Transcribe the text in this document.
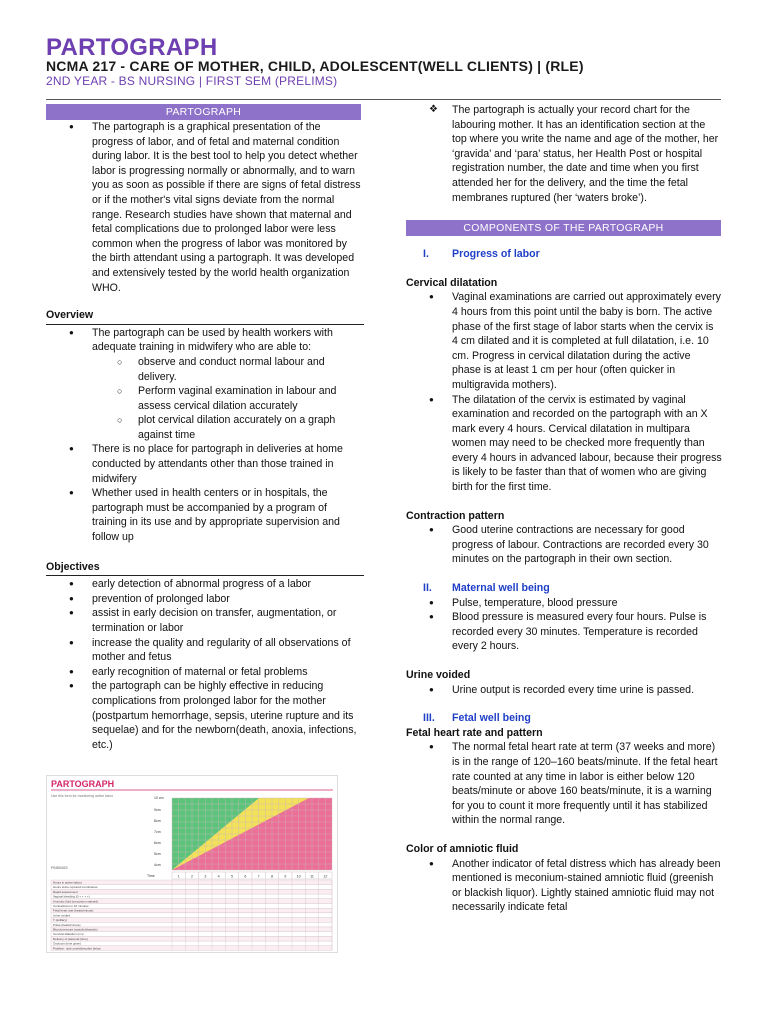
PARTOGRAPH
NCMA 217 - CARE OF MOTHER, CHILD, ADOLESCENT(WELL CLIENTS) | (RLE)
2ND YEAR - BS NURSING | FIRST SEM (PRELIMS)
PARTOGRAPH
● The partograph is a graphical presentation of the progress of labor, and of fetal and maternal condition during labor. It is the best tool to help you detect whether labor is progressing normally or abnormally, and to warn you as soon as possible if there are signs of fetal distress or if the mother's vital signs deviate from the normal range. Research studies have shown that maternal and fetal complications due to prolonged labor were less common when the progress of labor was monitored by the birth attendant using a partograph. It was developed and extensively tested by the world health organization WHO.
Overview
● The partograph can be used by health workers with adequate training in midwifery who are able to:
○ observe and conduct normal labour and delivery.
○ Perform vaginal examination in labour and assess cervical dilation accurately
○ plot cervical dilation accurately on a graph against time
● There is no place for partograph in deliveries at home conducted by attendants other than those trained in midwifery
● Whether used in health centers or in hospitals, the partograph must be accompanied by a program of training in its use and by appropriate supervision and follow up
Objectives
● early detection of abnormal progress of a labor
● prevention of prolonged labor
● assist in early decision on transfer, augmentation, or termination or labor
● increase the quality and regularity of all observations of mother and fetus
● early recognition of maternal or fetal problems
● the partograph can be highly effective in reducing complications from prolonged labor for the mother (postpartum hemorrhage, sepsis, uterine rupture and its sequelae) and for the newborn(death, anoxia, infections, etc.)
PARTOGRAPH
Use this form for monitoring active labor	10 cm
9cm
8cm
7cm
6cm
5cm
4cm
Time	1	2	3	4	5	6	7	8	9	10	11	12
FINDINGS
Hours in active labour
Hours since ruptured membranes
Rapid assessment
Vaginal bleeding (0 + + + +)
Amniotic fluid (meconium stained)
Contractions in 10 minutes
Fetal heart rate (beats/minute)
Urine voided
T (axillary)
Pulse (beats/minute)
Blood pressure (systolic/diastolic)
Cervical dilatation (cm)
Delivery of placenta (time)
Oxytocin (time given)
Problem: note onset/describe below
❖ The partograph is actually your record chart for the labouring mother. It has an identification section at the top where you write the name and age of the mother, her ‘gravida’ and ‘para’ status, her Health Post or hospital registration number, the date and time when you first attended her for the delivery, and the time the fetal membranes ruptured (her ‘waters broke’).
COMPONENTS OF THE PARTOGRAPH
I.	Progress of labor
Cervical dilatation
● Vaginal examinations are carried out approximately every 4 hours from this point until the baby is born. The active phase of the first stage of labor starts when the cervix is 4 cm dilated and it is completed at full dilatation, i.e. 10 cm. Progress in cervical dilatation during the active phase is at least 1 cm per hour (often quicker in multigravida mothers).
● The dilatation of the cervix is estimated by vaginal examination and recorded on the partograph with an X mark every 4 hours. Cervical dilatation in multipara women may need to be checked more frequently than every 4 hours in advanced labour, because their progress is likely to be faster than that of women who are giving birth for the first time.
Contraction pattern
● Good uterine contractions are necessary for good progress of labour. Contractions are recorded every 30 minutes on the partograph in their own section.
II.	Maternal well being
● Pulse, temperature, blood pressure
● Blood pressure is measured every four hours. Pulse is recorded every 30 minutes. Temperature is recorded every 2 hours.
Urine voided
● Urine output is recorded every time urine is passed.
III.	Fetal well being
Fetal heart rate and pattern
● The normal fetal heart rate at term (37 weeks and more) is in the range of 120–160 beats/minute. If the fetal heart rate counted at any time in labor is either below 120 beats/minute or above 160 beats/minute, it is a warning for you to count it more frequently until it has stabilized within the normal range.
Color of amniotic fluid
● Another indicator of fetal distress which has already been mentioned is meconium-stained amniotic fluid (greenish or blackish liquor). Lightly stained amniotic fluid may not necessarily indicate fetal
